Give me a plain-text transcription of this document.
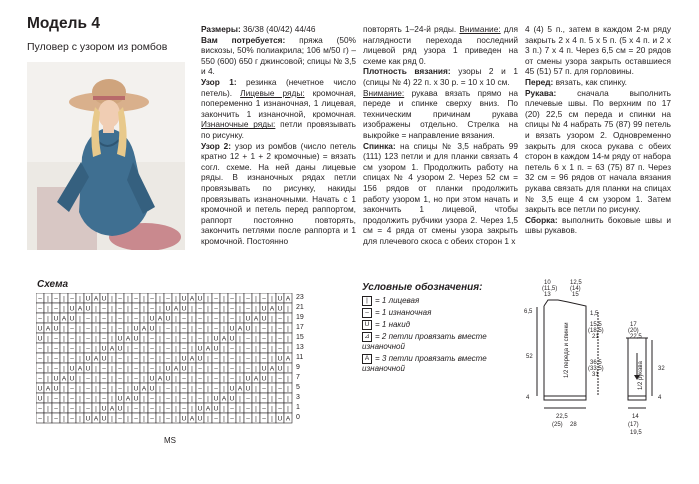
Модель 4
Пуловер с узором из ромбов

Размеры: 36/38 (40/42) 44/46

Вам потребуется: пряжа (50% вискозы, 50% полиакрила; 106 м/50 г) – 550 (600) 650 г джинсовой; спицы № 3,5 и 4.

Узор 1: резинка (нечетное число петель). Лицевые ряды: кромочная, попеременно 1 изнаночная, 1 лицевая, закончить 1 изнаночной, кромочная. Изнаночные ряды: петли провязывать по рисунку.

Узор 2: узор из ромбов (число петель кратно 12 + 1 + 2 кромочные) = вязать согл. схеме. На ней даны лицевые ряды. В изнаночных рядах петли провязывать по рисунку, накиды провязывать изнаночными. Начать с 1 кромочной и петель перед раппортом, раппорт постоянно повторять, закончить петлями после раппорта и 1 кромочной. Постоянно

повторять 1–24-й ряды. Внимание: для наглядности перехода последний лицевой ряд узора 1 приведен на схеме как ряд 0.

Плотность вязания: узоры 2 и 1 (спицы № 4) 22 п. x 30 р. = 10 x 10 см.

Внимание: рукава вязать прямо на переде и спинке сверху вниз. По техническим причинам рукава изображены отдельно. Стрелка на выкройке = направление вязания.

Спинка: на спицы № 3,5 набрать 99 (111) 123 петли и для планки связать 4 см узором 1. Продолжить работу на спицах № 4 узором 2. Через 52 см = 156 рядов от планки продолжить работу узором 1, но при этом начать и закончить 1 лицевой, чтобы продолжить рубчики узора 2. Через 1,5 см = 4 ряда от смены узора закрыть для плечевого скоса с обеих сторон 1 x

4 (4) 5 п., затем в каждом 2-м ряду закрыть 2 x 4 п. 5 x 5 п. (5 x 4 п. и 2 x 3 п.) 7 x 4 п. Через 6,5 см = 20 рядов от смены узора закрыть оставшиеся 45 (51) 57 п. для горловины.

Перед: вязать, как спинку.

Рукава: сначала выполнить плечевые швы. По верхним по 17 (20) 22,5 см переда и спинки на спицы № 4 набрать 75 (87) 99 петель и вязать узором 2. Одновременно закрыть для скоса рукава с обеих сторон в каждом 14-м ряду от набора петель 6 x 1 п. = 63 (75) 87 п. Через 32 см = 96 рядов от начала вязания рукава связать для планки на спицах № 3,5 еще 4 см узором 1. Затем закрыть все петли по рисунку.

Сборка: выполнить боковые швы и швы рукавов.

Схема
– | – | – | U A U | – | – | – | – | U A U | – | – | – | – | U A
– | – | U A U | – | – | – | – | U A U | – | – | – | – | U A U |
– | U A U | – | – | – | – | U A U | – | – | – | – | U A U | – |
U A U | – | – | – | – | U A U | – | – | – | – | U A U | – | – |
U | – | – | – | – | U A U | – | – | – | – | U A U | – | – | – |
– | – | – | – | U A U | – | – | – | – | U A U | – | – | – | – |
– | – | – | U A U | – | – | – | – | U A U | – | – | – | – | U A
– | – | U A U | – | – | – | – | U A U | – | – | – | – | U A U |
– | U A U | – | – | – | – | U A U | – | – | – | – | U A U | – |
U A U | – | – | – | – | U A U | – | – | – | – | U A U | – | – |
U | – | – | – | – | U A U | – | – | – | – | U A U | – | – | – |
– | – | – | – | U A U | – | – | – | – | U A U | – | – | – | – |
– | – | – | U A U | – | – | – | – | U A U | – | – | – | – | U A
23
21
19
17
15
13
11
9
7
5
3
1
0
MS
Условные обозначения:
| = 1 лицевая
– = 1 изнаночная
U = 1 накид
⊿ = 2 петли провязать вместе
изнаночной
A = 3 петли провязать вместе
изнаночной
10
(11,5)
13
12,5
(14)
15
6,5	1,5
15,5
(18,5)
21
52
36,5
(33,5)
31
4
22,5
(25) 28
1/2 переда и спинки	17
(20)
22,5
32
4
14
(17)
19,5
1/2 рукава
